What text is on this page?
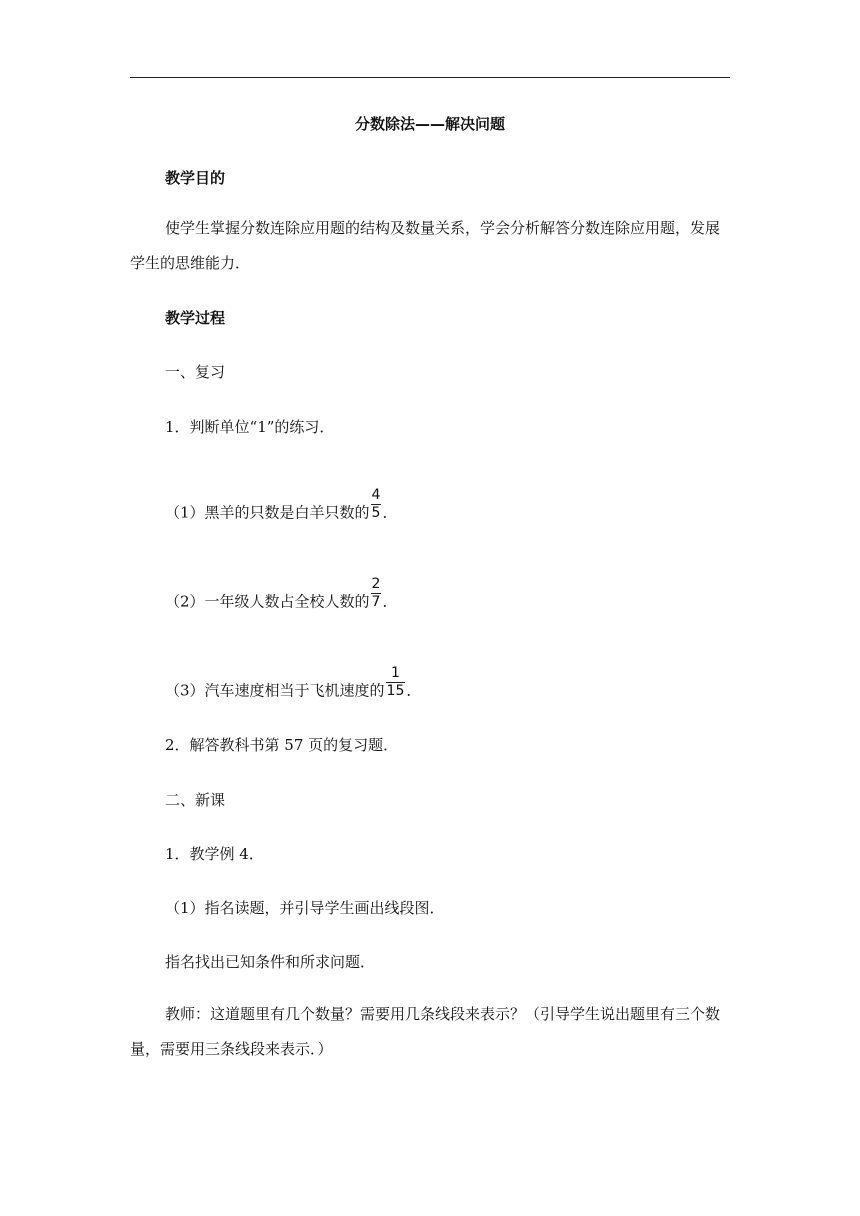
分数除法——解决问题
教学目的
使学生掌握分数连除应用题的结构及数量关系，学会分析解答分数连除应用题，发展学生的思维能力．
教学过程
一、复习
1．判断单位“1”的练习．
（1）黑羊的只数是白羊只数的 $\frac{4}{5}$ ．
（2）一年级人数占全校人数的 $\frac{2}{7}$ ．
（3）汽车速度相当于飞机速度的 $\frac{1}{15}$ ．
2．解答教科书第 57 页的复习题．
二、新课
1．教学例 4．
（1）指名读题，并引导学生画出线段图．
指名找出已知条件和所求问题．
教师：这道题里有几个数量？需要用几条线段来表示？（引导学生说出题里有三个数量，需要用三条线段来表示．）
